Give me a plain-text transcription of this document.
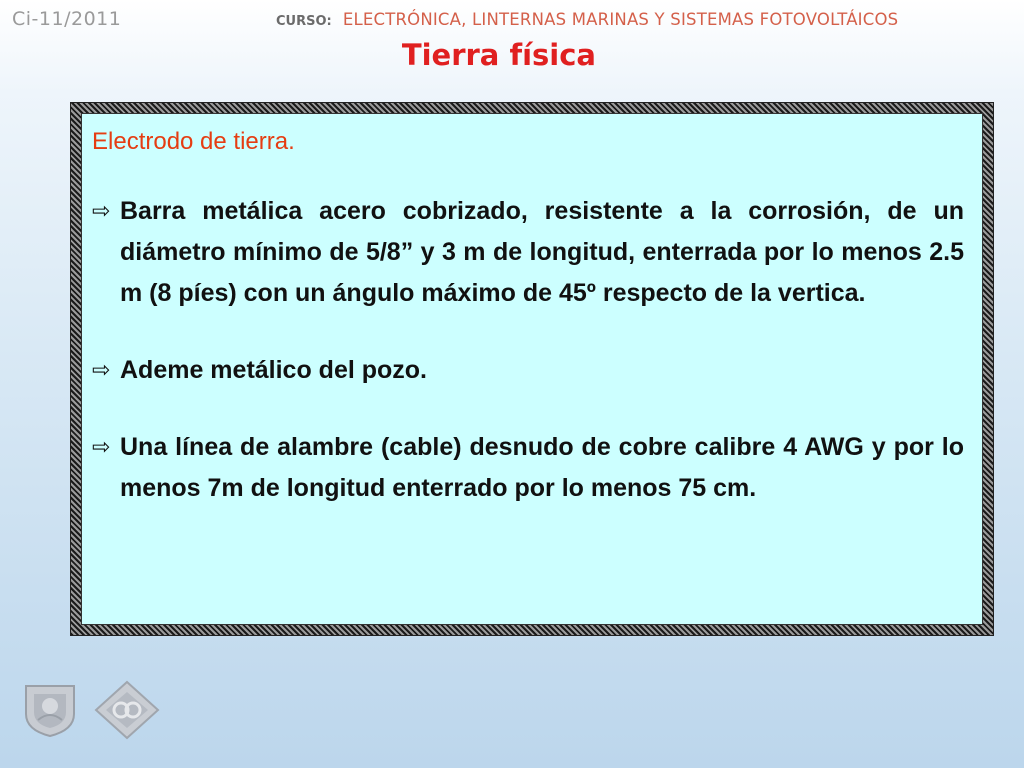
Ci-11/2011	CURSO: ELECTRÓNICA, LINTERNAS MARINAS Y SISTEMAS FOTOVOLTÁICOS
Tierra física
Electrodo de tierra.
⇨ Barra metálica acero cobrizado, resistente a la corrosión, de un diámetro mínimo de 5/8” y 3 m de longitud, enterrada por lo menos 2.5 m (8 píes) con un ángulo máximo de 45º respecto de la vertica.
⇨ Ademe metálico del pozo.
⇨ Una línea de alambre (cable) desnudo de cobre calibre 4 AWG y por lo menos 7m de longitud enterrado por lo menos 75 cm.
